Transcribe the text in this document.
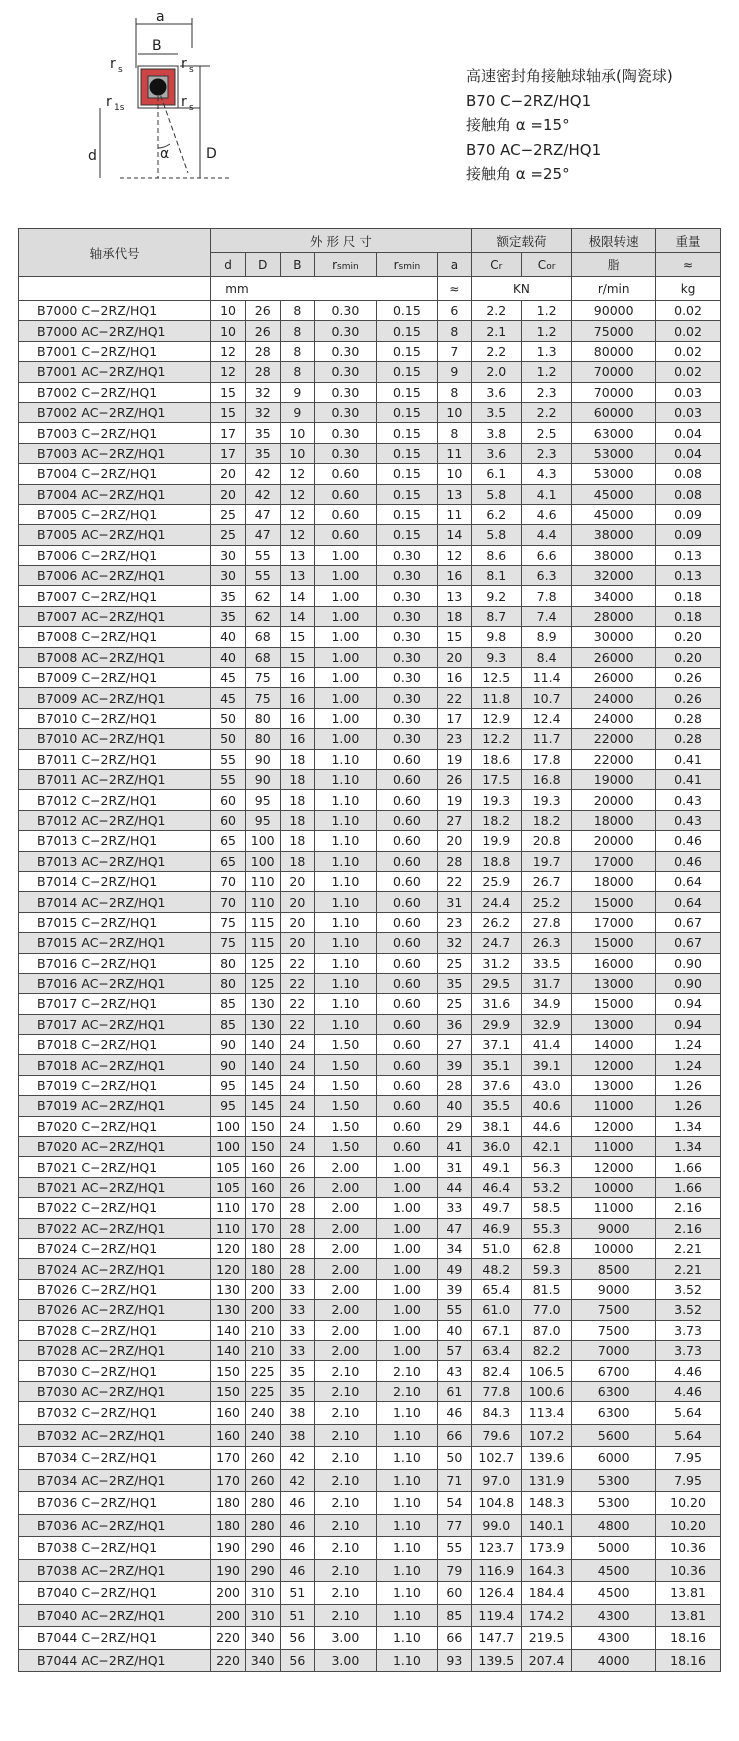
a
B
r s	r s
r 1s	r s
d	D
α
高速密封角接触球轴承(陶瓷球)
B70 C−2RZ/HQ1
接触角 α =15°
B70 AC−2RZ/HQ1
接触角 α =25°
轴承代号	外 形 尺 寸						额定载荷		极限转速	重量
	d	D	B	rsmin	rsmin	a	Cr	Cor	脂	≈
	mm					≈	KN		r/min	kg
B7000 C−2RZ/HQ1	10	26	8	0.30	0.15	6	2.2	1.2	90000	0.02
B7000 AC−2RZ/HQ1	10	26	8	0.30	0.15	8	2.1	1.2	75000	0.02
B7001 C−2RZ/HQ1	12	28	8	0.30	0.15	7	2.2	1.3	80000	0.02
B7001 AC−2RZ/HQ1	12	28	8	0.30	0.15	9	2.0	1.2	70000	0.02
B7002 C−2RZ/HQ1	15	32	9	0.30	0.15	8	3.6	2.3	70000	0.03
B7002 AC−2RZ/HQ1	15	32	9	0.30	0.15	10	3.5	2.2	60000	0.03
B7003 C−2RZ/HQ1	17	35	10	0.30	0.15	8	3.8	2.5	63000	0.04
B7003 AC−2RZ/HQ1	17	35	10	0.30	0.15	11	3.6	2.3	53000	0.04
B7004 C−2RZ/HQ1	20	42	12	0.60	0.15	10	6.1	4.3	53000	0.08
B7004 AC−2RZ/HQ1	20	42	12	0.60	0.15	13	5.8	4.1	45000	0.08
B7005 C−2RZ/HQ1	25	47	12	0.60	0.15	11	6.2	4.6	45000	0.09
B7005 AC−2RZ/HQ1	25	47	12	0.60	0.15	14	5.8	4.4	38000	0.09
B7006 C−2RZ/HQ1	30	55	13	1.00	0.30	12	8.6	6.6	38000	0.13
B7006 AC−2RZ/HQ1	30	55	13	1.00	0.30	16	8.1	6.3	32000	0.13
B7007 C−2RZ/HQ1	35	62	14	1.00	0.30	13	9.2	7.8	34000	0.18
B7007 AC−2RZ/HQ1	35	62	14	1.00	0.30	18	8.7	7.4	28000	0.18
B7008 C−2RZ/HQ1	40	68	15	1.00	0.30	15	9.8	8.9	30000	0.20
B7008 AC−2RZ/HQ1	40	68	15	1.00	0.30	20	9.3	8.4	26000	0.20
B7009 C−2RZ/HQ1	45	75	16	1.00	0.30	16	12.5	11.4	26000	0.26
B7009 AC−2RZ/HQ1	45	75	16	1.00	0.30	22	11.8	10.7	24000	0.26
B7010 C−2RZ/HQ1	50	80	16	1.00	0.30	17	12.9	12.4	24000	0.28
B7010 AC−2RZ/HQ1	50	80	16	1.00	0.30	23	12.2	11.7	22000	0.28
B7011 C−2RZ/HQ1	55	90	18	1.10	0.60	19	18.6	17.8	22000	0.41
B7011 AC−2RZ/HQ1	55	90	18	1.10	0.60	26	17.5	16.8	19000	0.41
B7012 C−2RZ/HQ1	60	95	18	1.10	0.60	19	19.3	19.3	20000	0.43
B7012 AC−2RZ/HQ1	60	95	18	1.10	0.60	27	18.2	18.2	18000	0.43
B7013 C−2RZ/HQ1	65	100	18	1.10	0.60	20	19.9	20.8	20000	0.46
B7013 AC−2RZ/HQ1	65	100	18	1.10	0.60	28	18.8	19.7	17000	0.46
B7014 C−2RZ/HQ1	70	110	20	1.10	0.60	22	25.9	26.7	18000	0.64
B7014 AC−2RZ/HQ1	70	110	20	1.10	0.60	31	24.4	25.2	15000	0.64
B7015 C−2RZ/HQ1	75	115	20	1.10	0.60	23	26.2	27.8	17000	0.67
B7015 AC−2RZ/HQ1	75	115	20	1.10	0.60	32	24.7	26.3	15000	0.67
B7016 C−2RZ/HQ1	80	125	22	1.10	0.60	25	31.2	33.5	16000	0.90
B7016 AC−2RZ/HQ1	80	125	22	1.10	0.60	35	29.5	31.7	13000	0.90
B7017 C−2RZ/HQ1	85	130	22	1.10	0.60	25	31.6	34.9	15000	0.94
B7017 AC−2RZ/HQ1	85	130	22	1.10	0.60	36	29.9	32.9	13000	0.94
B7018 C−2RZ/HQ1	90	140	24	1.50	0.60	27	37.1	41.4	14000	1.24
B7018 AC−2RZ/HQ1	90	140	24	1.50	0.60	39	35.1	39.1	12000	1.24
B7019 C−2RZ/HQ1	95	145	24	1.50	0.60	28	37.6	43.0	13000	1.26
B7019 AC−2RZ/HQ1	95	145	24	1.50	0.60	40	35.5	40.6	11000	1.26
B7020 C−2RZ/HQ1	100	150	24	1.50	0.60	29	38.1	44.6	12000	1.34
B7020 AC−2RZ/HQ1	100	150	24	1.50	0.60	41	36.0	42.1	11000	1.34
B7021 C−2RZ/HQ1	105	160	26	2.00	1.00	31	49.1	56.3	12000	1.66
B7021 AC−2RZ/HQ1	105	160	26	2.00	1.00	44	46.4	53.2	10000	1.66
B7022 C−2RZ/HQ1	110	170	28	2.00	1.00	33	49.7	58.5	11000	2.16
B7022 AC−2RZ/HQ1	110	170	28	2.00	1.00	47	46.9	55.3	9000	2.16
B7024 C−2RZ/HQ1	120	180	28	2.00	1.00	34	51.0	62.8	10000	2.21
B7024 AC−2RZ/HQ1	120	180	28	2.00	1.00	49	48.2	59.3	8500	2.21
B7026 C−2RZ/HQ1	130	200	33	2.00	1.00	39	65.4	81.5	9000	3.52
B7026 AC−2RZ/HQ1	130	200	33	2.00	1.00	55	61.0	77.0	7500	3.52
B7028 C−2RZ/HQ1	140	210	33	2.00	1.00	40	67.1	87.0	7500	3.73
B7028 AC−2RZ/HQ1	140	210	33	2.00	1.00	57	63.4	82.2	7000	3.73
B7030 C−2RZ/HQ1	150	225	35	2.10	2.10	43	82.4	106.5	6700	4.46
B7030 AC−2RZ/HQ1	150	225	35	2.10	2.10	61	77.8	100.6	6300	4.46
B7032 C−2RZ/HQ1	160	240	38	2.10	1.10	46	84.3	113.4	6300	5.64
B7032 AC−2RZ/HQ1	160	240	38	2.10	1.10	66	79.6	107.2	5600	5.64
B7034 C−2RZ/HQ1	170	260	42	2.10	1.10	50	102.7	139.6	6000	7.95
B7034 AC−2RZ/HQ1	170	260	42	2.10	1.10	71	97.0	131.9	5300	7.95
B7036 C−2RZ/HQ1	180	280	46	2.10	1.10	54	104.8	148.3	5300	10.20
B7036 AC−2RZ/HQ1	180	280	46	2.10	1.10	77	99.0	140.1	4800	10.20
B7038 C−2RZ/HQ1	190	290	46	2.10	1.10	55	123.7	173.9	5000	10.36
B7038 AC−2RZ/HQ1	190	290	46	2.10	1.10	79	116.9	164.3	4500	10.36
B7040 C−2RZ/HQ1	200	310	51	2.10	1.10	60	126.4	184.4	4500	13.81
B7040 AC−2RZ/HQ1	200	310	51	2.10	1.10	85	119.4	174.2	4300	13.81
B7044 C−2RZ/HQ1	220	340	56	3.00	1.10	66	147.7	219.5	4300	18.16
B7044 AC−2RZ/HQ1	220	340	56	3.00	1.10	93	139.5	207.4	4000	18.16
